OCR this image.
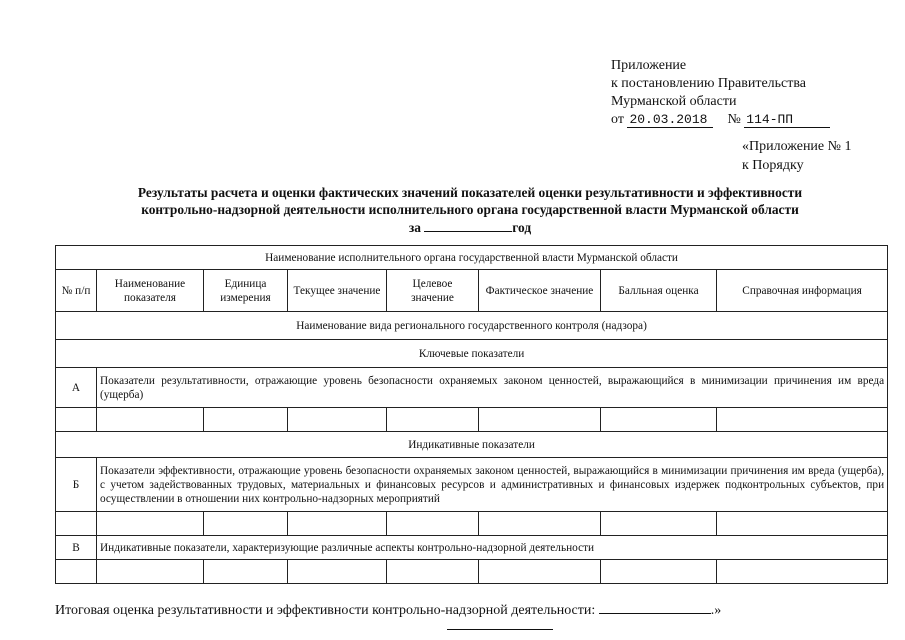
Приложение
к постановлению Правительства
Мурманской области
от 20.03.2018 № 114-ПП
«Приложение № 1
к Порядку
Результаты расчета и оценки фактических значений показателей оценки результативности и эффективности
контрольно-надзорной деятельности исполнительного органа государственной власти Мурманской области
за	год
Наименование исполнительного органа государственной власти Мурманской области							
№ п/п	Наименование показателя	Единица измерения	Текущее значение	Целевое значение	Фактическое значение	Балльная оценка	Справочная информация
Наименование вида регионального государственного контроля (надзора)							
Ключевые показатели							
А	Показатели результативности, отражающие уровень безопасности охраняемых законом ценностей, выражающийся в минимизации причинения им вреда (ущерба)						

Индикативные показатели							
Б	Показатели эффективности, отражающие уровень безопасности охраняемых законом ценностей, выражающийся в минимизации причинения им вреда (ущерба), с учетом задействованных трудовых, материальных и финансовых ресурсов и административных и финансовых издержек подконтрольных субъектов, при осуществлении в отношении них контрольно-надзорных мероприятий						

В	Индикативные показатели, характеризующие различные аспекты контрольно-надзорной деятельности						

Итоговая оценка результативности и эффективности контрольно-надзорной деятельности:	.»
